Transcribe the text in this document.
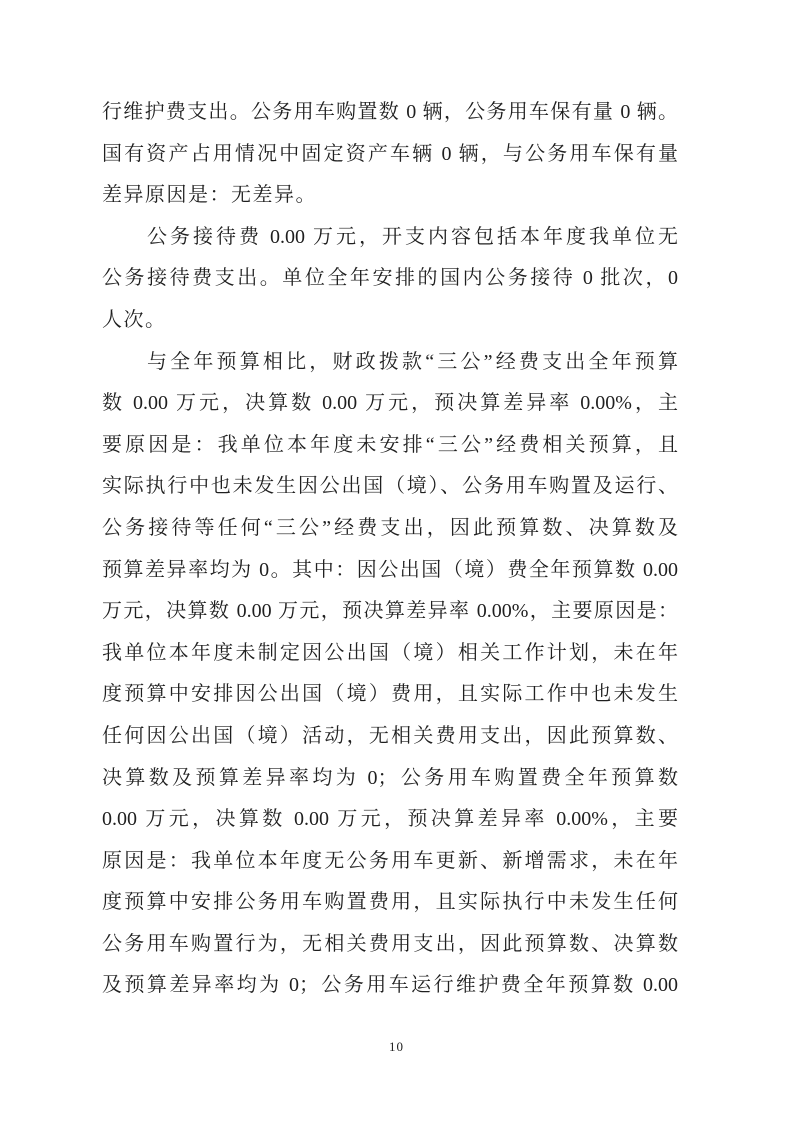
行维护费支出。公务用车购置数 0 辆，公务用车保有量 0 辆。
国有资产占用情况中固定资产车辆 0 辆，与公务用车保有量
差异原因是：无差异。
公务接待费 0.00 万元，开支内容包括本年度我单位无
公务接待费支出。单位全年安排的国内公务接待 0 批次，0
人次。
与全年预算相比，财政拨款“三公”经费支出全年预算
数 0.00 万元，决算数 0.00 万元，预决算差异率 0.00%，主
要原因是：我单位本年度未安排“三公”经费相关预算，且
实际执行中也未发生因公出国（境）、公务用车购置及运行、
公务接待等任何“三公”经费支出，因此预算数、决算数及
预算差异率均为 0。其中：因公出国（境）费全年预算数 0.00
万元，决算数 0.00 万元，预决算差异率 0.00%，主要原因是：
我单位本年度未制定因公出国（境）相关工作计划，未在年
度预算中安排因公出国（境）费用，且实际工作中也未发生
任何因公出国（境）活动，无相关费用支出，因此预算数、
决算数及预算差异率均为 0；公务用车购置费全年预算数
0.00 万元，决算数 0.00 万元，预决算差异率 0.00%，主要
原因是：我单位本年度无公务用车更新、新增需求，未在年
度预算中安排公务用车购置费用，且实际执行中未发生任何
公务用车购置行为，无相关费用支出，因此预算数、决算数
及预算差异率均为 0；公务用车运行维护费全年预算数 0.00
10
